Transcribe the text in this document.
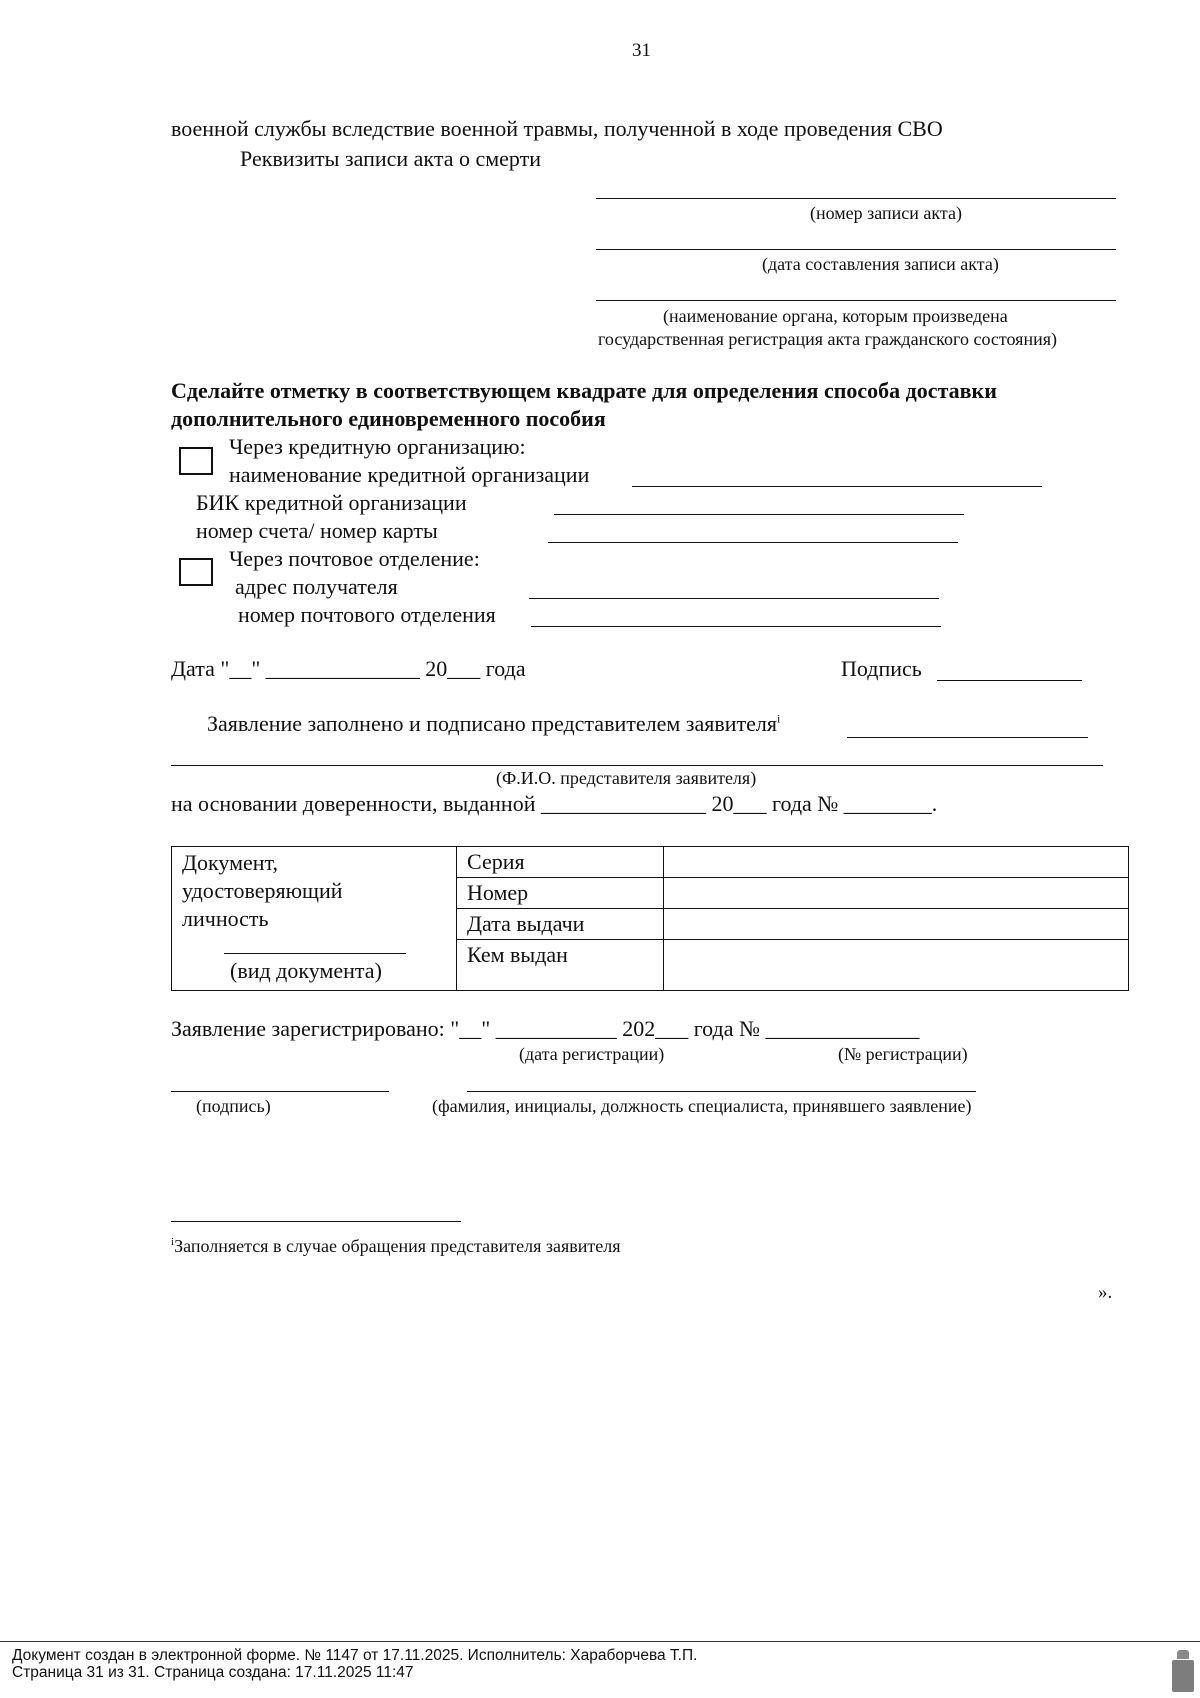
31
военной службы вследствие военной травмы, полученной в ходе проведения СВО
Реквизиты записи акта о смерти
(номер записи акта)
(дата составления записи акта)
(наименование органа, которым произведена
государственная регистрация акта гражданского состояния)
Сделайте отметку в соответствующем квадрате для определения способа доставки
дополнительного единовременного пособия
Через кредитную организацию:
наименование кредитной организации
БИК кредитной организации
номер счета/ номер карты
Через почтовое отделение:
адрес получателя
номер почтового отделения
Дата "__" ______________ 20___ года	Подпись
Заявление заполнено и подписано представителем заявителя$^i$
(Ф.И.О. представителя заявителя)
на основании доверенности, выданной _______________ 20___ года № ________.
Документ,
удостоверяющий
личность
(вид документа)	Серия	
	Номер	
	Дата выдачи	
	Кем выдан	
Заявление зарегистрировано: "__" ___________ 202___ года № ______________
(дата регистрации)	(№ регистрации)
(подпись)	(фамилия, инициалы, должность специалиста, принявшего заявление)
$^i$Заполняется в случае обращения представителя заявителя
».
Документ создан в электронной форме. № 1147 от 17.11.2025. Исполнитель: Хараборчева Т.П.
Страница 31 из 31. Страница создана: 17.11.2025 11:47
